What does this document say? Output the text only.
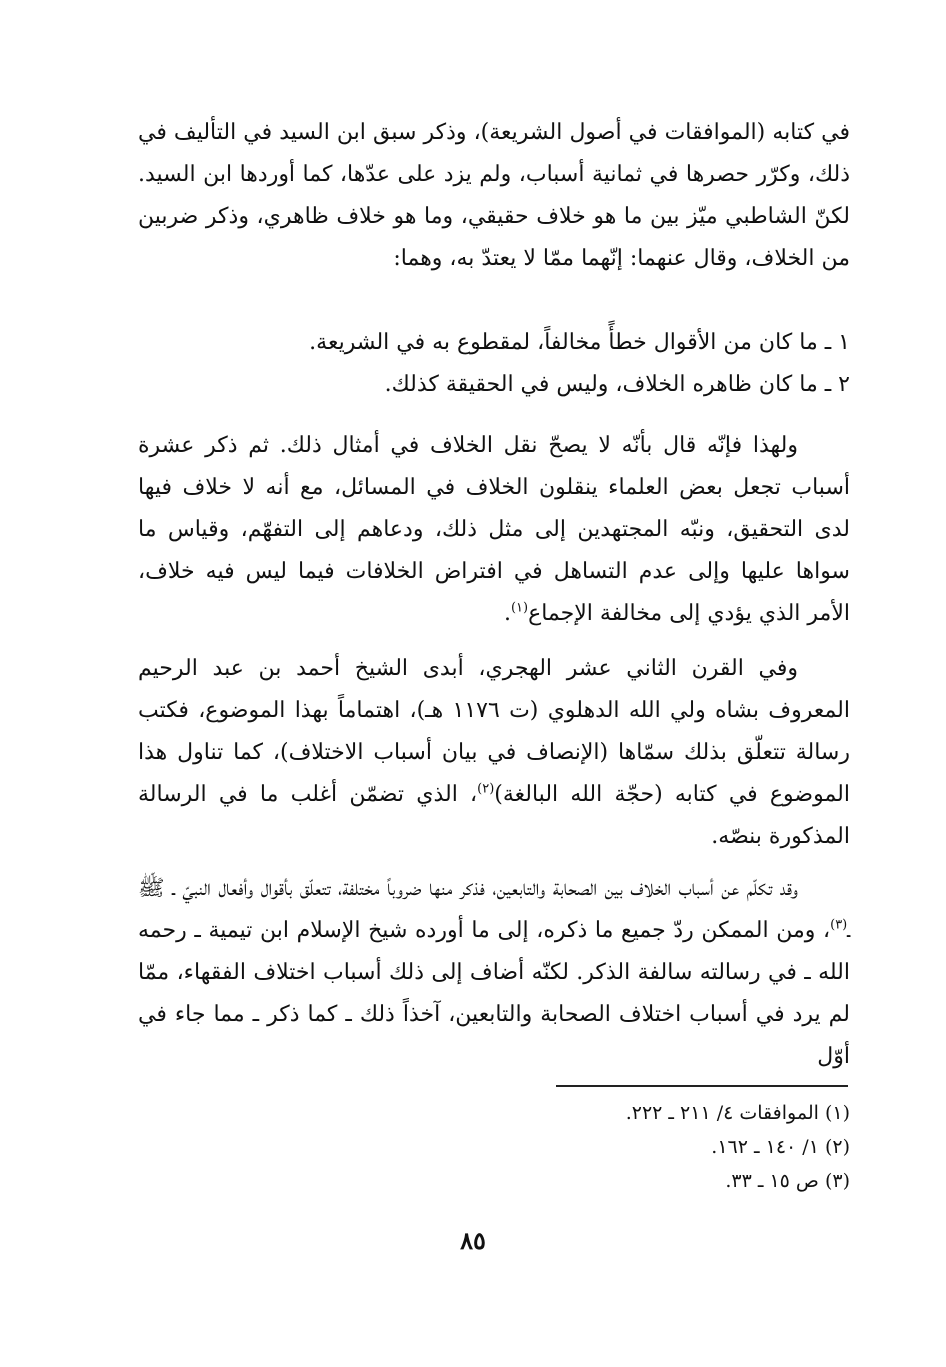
في كتابه (الموافقات في أصول الشريعة)، وذكر سبق ابن السيد في التأليف في ذلك، وكرّر حصرها في ثمانية أسباب، ولم يزد على عدّها، كما أوردها ابن السيد. لكنّ الشاطبي ميّز بين ما هو خلاف حقيقي، وما هو خلاف ظاهري، وذكر ضربين من الخلاف، وقال عنهما: إنّهما ممّا لا يعتدّ به، وهما:

١ ـ ما كان من الأقوال خطأً مخالفاً، لمقطوع به في الشريعة.
٢ ـ ما كان ظاهره الخلاف، وليس في الحقيقة كذلك.

ولهذا فإنّه قال بأنّه لا يصحّ نقل الخلاف في أمثال ذلك. ثم ذكر عشرة أسباب تجعل بعض العلماء ينقلون الخلاف في المسائل، مع أنه لا خلاف فيها لدى التحقيق، ونبّه المجتهدين إلى مثل ذلك، ودعاهم إلى التفهّم، وقياس ما سواها عليها وإلى عدم التساهل في افتراض الخلافات فيما ليس فيه خلاف، الأمر الذي يؤدي إلى مخالفة الإجماع$^{(١)}$.

وفي القرن الثاني عشر الهجري، أبدى الشيخ أحمد بن عبد الرحيم المعروف بشاه ولي الله الدهلوي (ت ١١٧٦ هـ)، اهتماماً بهذا الموضوع، فكتب رسالة تتعلّق بذلك سمّاها (الإنصاف في بيان أسباب الاختلاف)، كما تناول هذا الموضوع في كتابه (حجّة الله البالغة)$^{(٢)}$، الذي تضمّن أغلب ما في الرسالة المذكورة بنصّه.

وقد تكلّم عن أسباب الخلاف بين الصحابة والتابعين، فذكر منها ضروباً مختلفة، تتعلّق بأقوال وأفعال النبيّ ـ ﷺ ـ$^{(٣)}$، ومن الممكن ردّ جميع ما ذكره، إلى ما أورده شيخ الإسلام ابن تيمية ـ رحمه الله ـ في رسالته سالفة الذكر. لكنّه أضاف إلى ذلك أسباب اختلاف الفقهاء، ممّا لم يرد في أسباب اختلاف الصحابة والتابعين، آخذاً ذلك ـ كما ذكر ـ مما جاء في أوّل

(١) الموافقات ٤/ ٢١١ ـ ٢٢٢.
(٢) ١/ ١٤٠ ـ ١٦٢.
(٣) ص ١٥ ـ ٣٣.
٨٥
